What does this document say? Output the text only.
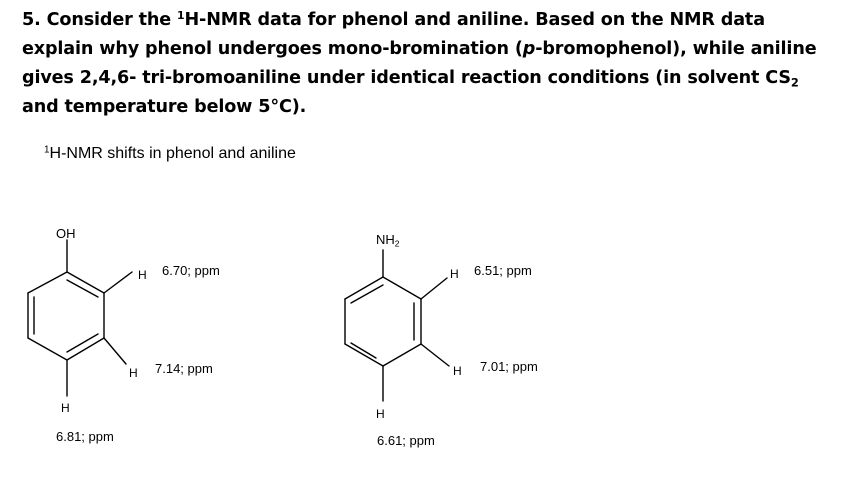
5. Consider the $^1$H-NMR data for phenol and aniline. Based on the NMR data explain why phenol undergoes mono-bromination (p-bromophenol), while aniline gives 2,4,6- tri-bromoaniline under identical reaction conditions (in solvent $CS_2$ and temperature below 5°C).
$^1$H-NMR shifts in phenol and aniline
OH
H 6.70; ppm
H 7.14; ppm
H
6.81; ppm
$NH_2$
H 6.51; ppm
H 7.01; ppm
H
6.61; ppm
